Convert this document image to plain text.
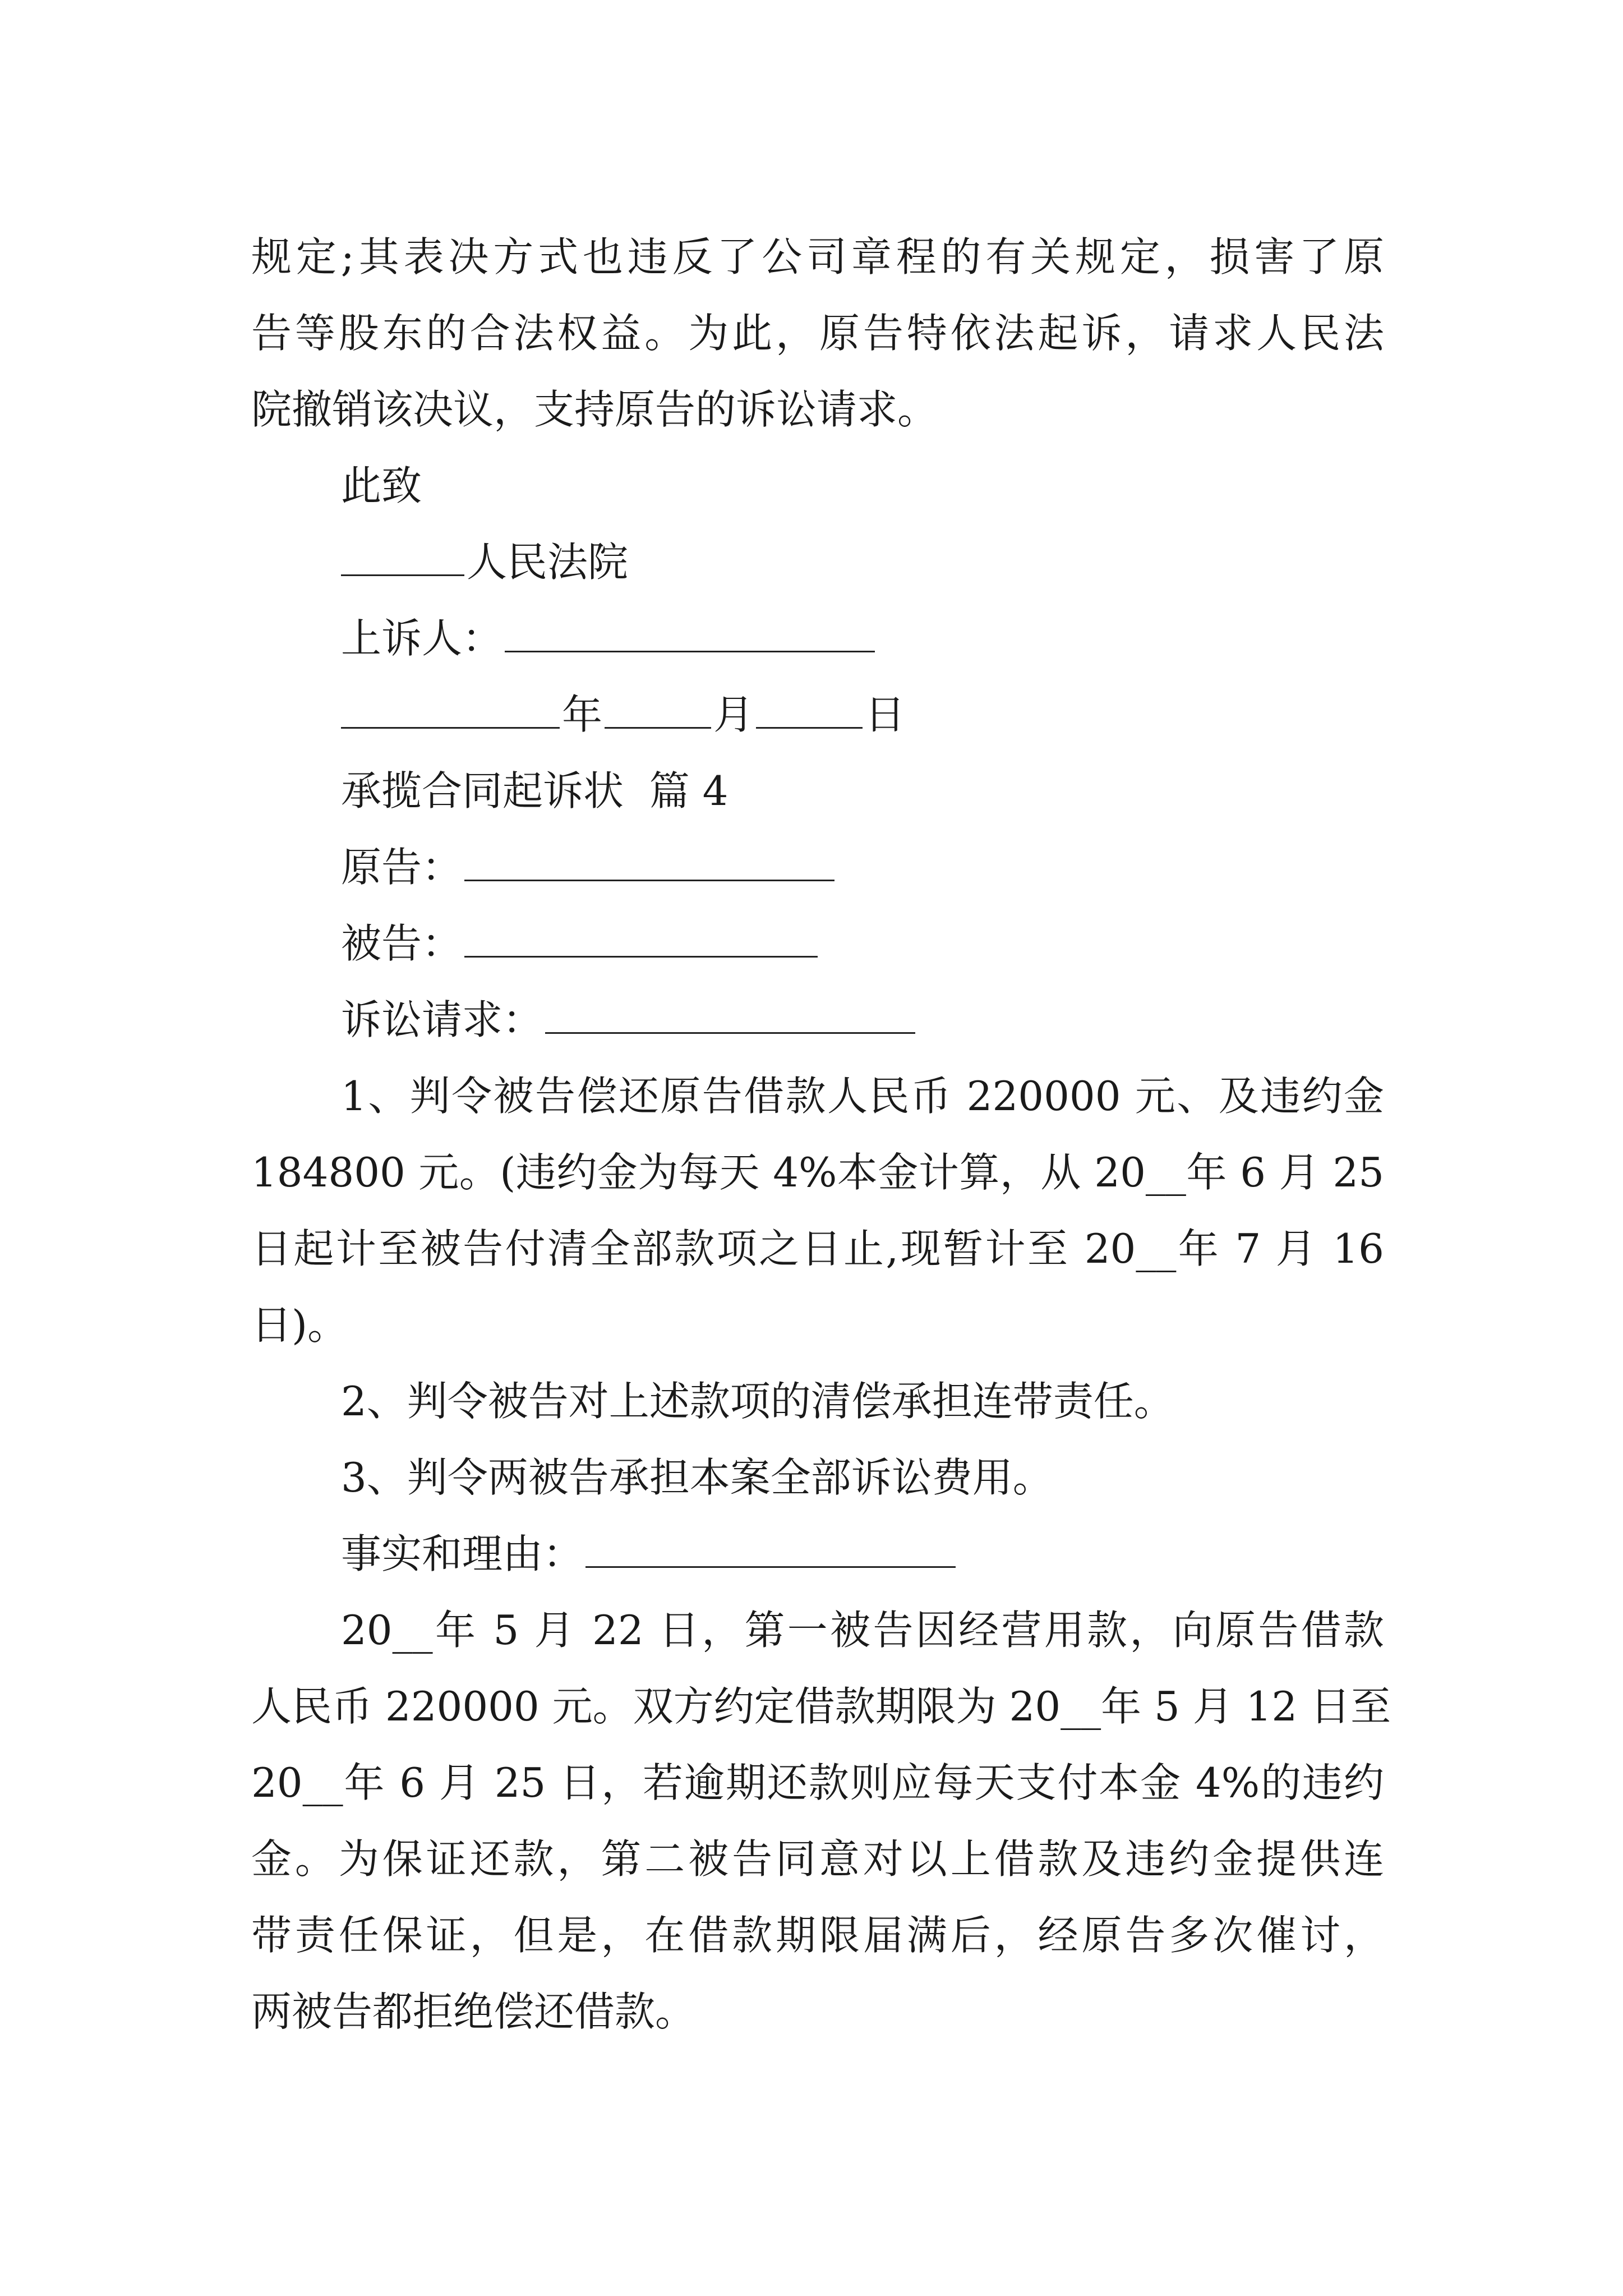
规定;其表决方式也违反了公司章程的有关规定，损害了原
告等股东的合法权益。为此，原告特依法起诉，请求人民法
院撤销该决议，支持原告的诉讼请求。
此致
人民法院
上诉人：
年	月	日
承揽合同起诉状  篇 4
原告：
被告：
诉讼请求：
1、判令被告偿还原告借款人民币 220000 元、及违约金
184800 元。(违约金为每天 4%本金计算，从 20__年 6 月 25
日起计至被告付清全部款项之日止,现暂计至 20__年 7 月 16
日)。
2、判令被告对上述款项的清偿承担连带责任。
3、判令两被告承担本案全部诉讼费用。
事实和理由：
20__年 5 月 22 日，第一被告因经营用款，向原告借款
人民币 220000 元。双方约定借款期限为 20__年 5 月 12 日至
20__年 6 月 25 日，若逾期还款则应每天支付本金 4%的违约
金。为保证还款，第二被告同意对以上借款及违约金提供连
带责任保证，但是，在借款期限届满后，经原告多次催讨，
两被告都拒绝偿还借款。
